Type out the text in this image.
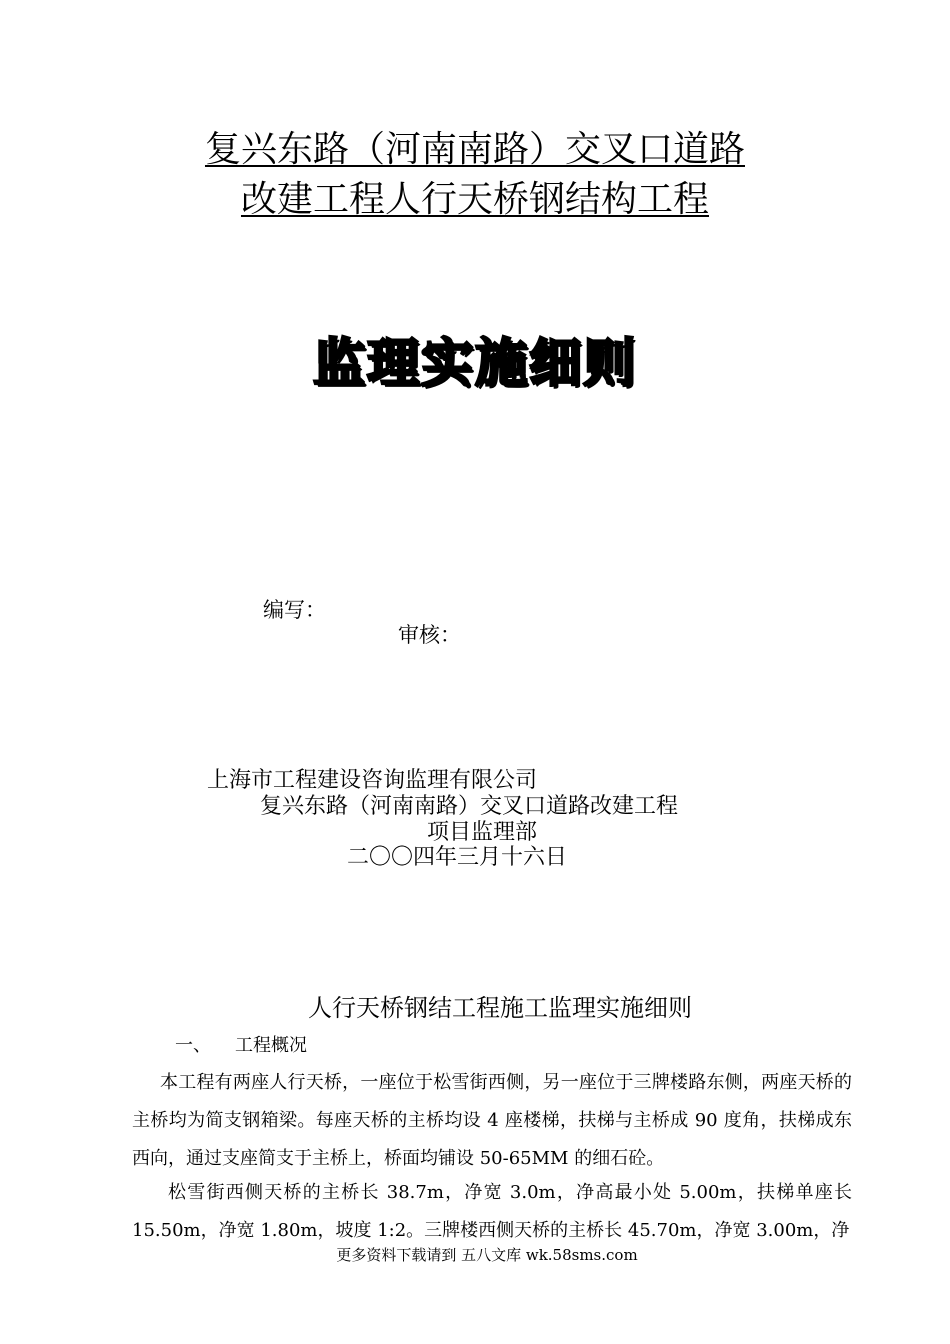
复兴东路（河南南路）交叉口道路
改建工程人行天桥钢结构工程
监理实施细则
编写：
审核：
上海市工程建设咨询监理有限公司
复兴东路（河南南路）交叉口道路改建工程
项目监理部
二〇〇四年三月十六日
人行天桥钢结工程施工监理实施细则
一、 工程概况
本工程有两座人行天桥，一座位于松雪街西侧，另一座位于三牌楼路东侧，两座天桥的主桥均为简支钢箱梁。每座天桥的主桥均设 4 座楼梯，扶梯与主桥成 90 度角，扶梯成东西向，通过支座简支于主桥上，桥面均铺设 50-65MM 的细石砼。
松雪街西侧天桥的主桥长 38.7m，净宽 3.0m，净高最小处 5.00m，扶梯单座长 15.50m，净宽 1.80m，坡度 1:2。三牌楼西侧天桥的主桥长 45.70m，净宽 3.00m，净
更多资料下载请到 五八文库 wk.58sms.com
